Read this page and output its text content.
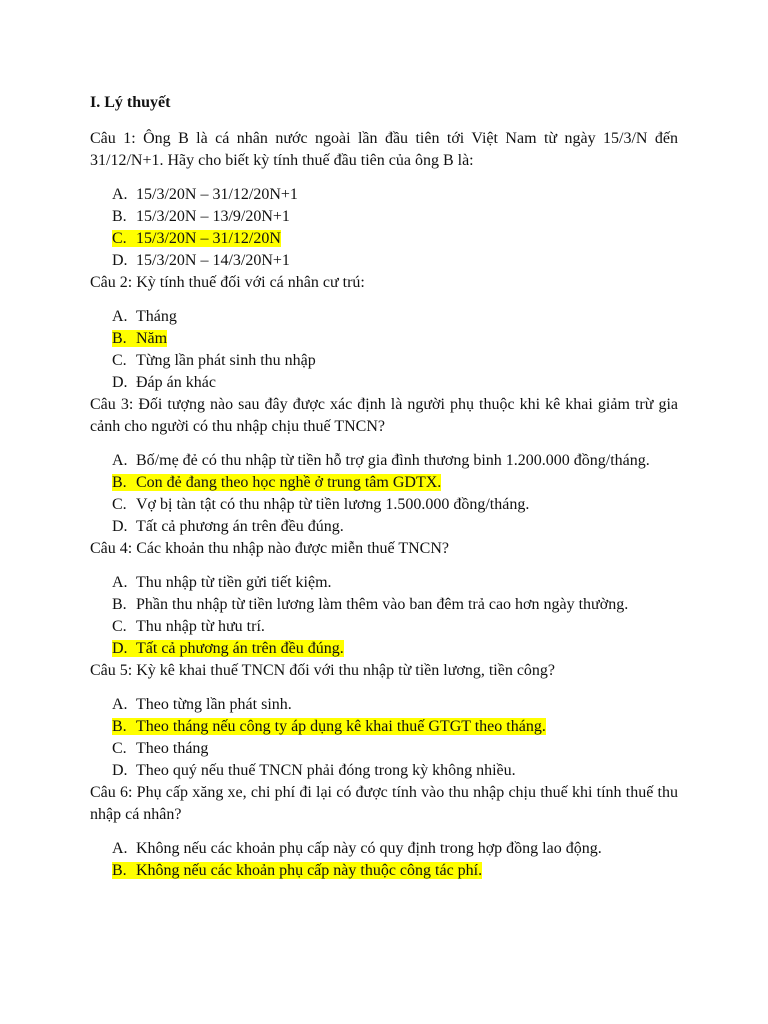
I. Lý thuyết
Câu 1: Ông B là cá nhân nước ngoài lần đầu tiên tới Việt Nam từ ngày 15/3/N đến 31/12/N+1. Hãy cho biết kỳ tính thuế đầu tiên của ông B là:
A. 15/3/20N – 31/12/20N+1
B. 15/3/20N – 13/9/20N+1
C. 15/3/20N – 31/12/20N
D. 15/3/20N – 14/3/20N+1
Câu 2: Kỳ tính thuế đối với cá nhân cư trú:
A. Tháng
B. Năm
C. Từng lần phát sinh thu nhập
D. Đáp án khác
Câu 3: Đối tượng nào sau đây được xác định là người phụ thuộc khi kê khai giảm trừ gia cảnh cho người có thu nhập chịu thuế TNCN?
A. Bố/mẹ đẻ có thu nhập từ tiền hỗ trợ gia đình thương binh 1.200.000 đồng/tháng.
B. Con đẻ đang theo học nghề ở trung tâm GDTX.
C. Vợ bị tàn tật có thu nhập từ tiền lương 1.500.000 đồng/tháng.
D. Tất cả phương án trên đều đúng.
Câu 4: Các khoản thu nhập nào được miễn thuế TNCN?
A. Thu nhập từ tiền gửi tiết kiệm.
B. Phần thu nhập từ tiền lương làm thêm vào ban đêm trả cao hơn ngày thường.
C. Thu nhập từ hưu trí.
D. Tất cả phương án trên đều đúng.
Câu 5: Kỳ kê khai thuế TNCN đối với thu nhập từ tiền lương, tiền công?
A. Theo từng lần phát sinh.
B. Theo tháng nếu công ty áp dụng kê khai thuế GTGT theo tháng.
C. Theo tháng
D. Theo quý nếu thuế TNCN phải đóng trong kỳ không nhiều.
Câu 6: Phụ cấp xăng xe, chi phí đi lại có được tính vào thu nhập chịu thuế khi tính thuế thu nhập cá nhân?
A. Không nếu các khoản phụ cấp này có quy định trong hợp đồng lao động.
B. Không nếu các khoản phụ cấp này thuộc công tác phí.
